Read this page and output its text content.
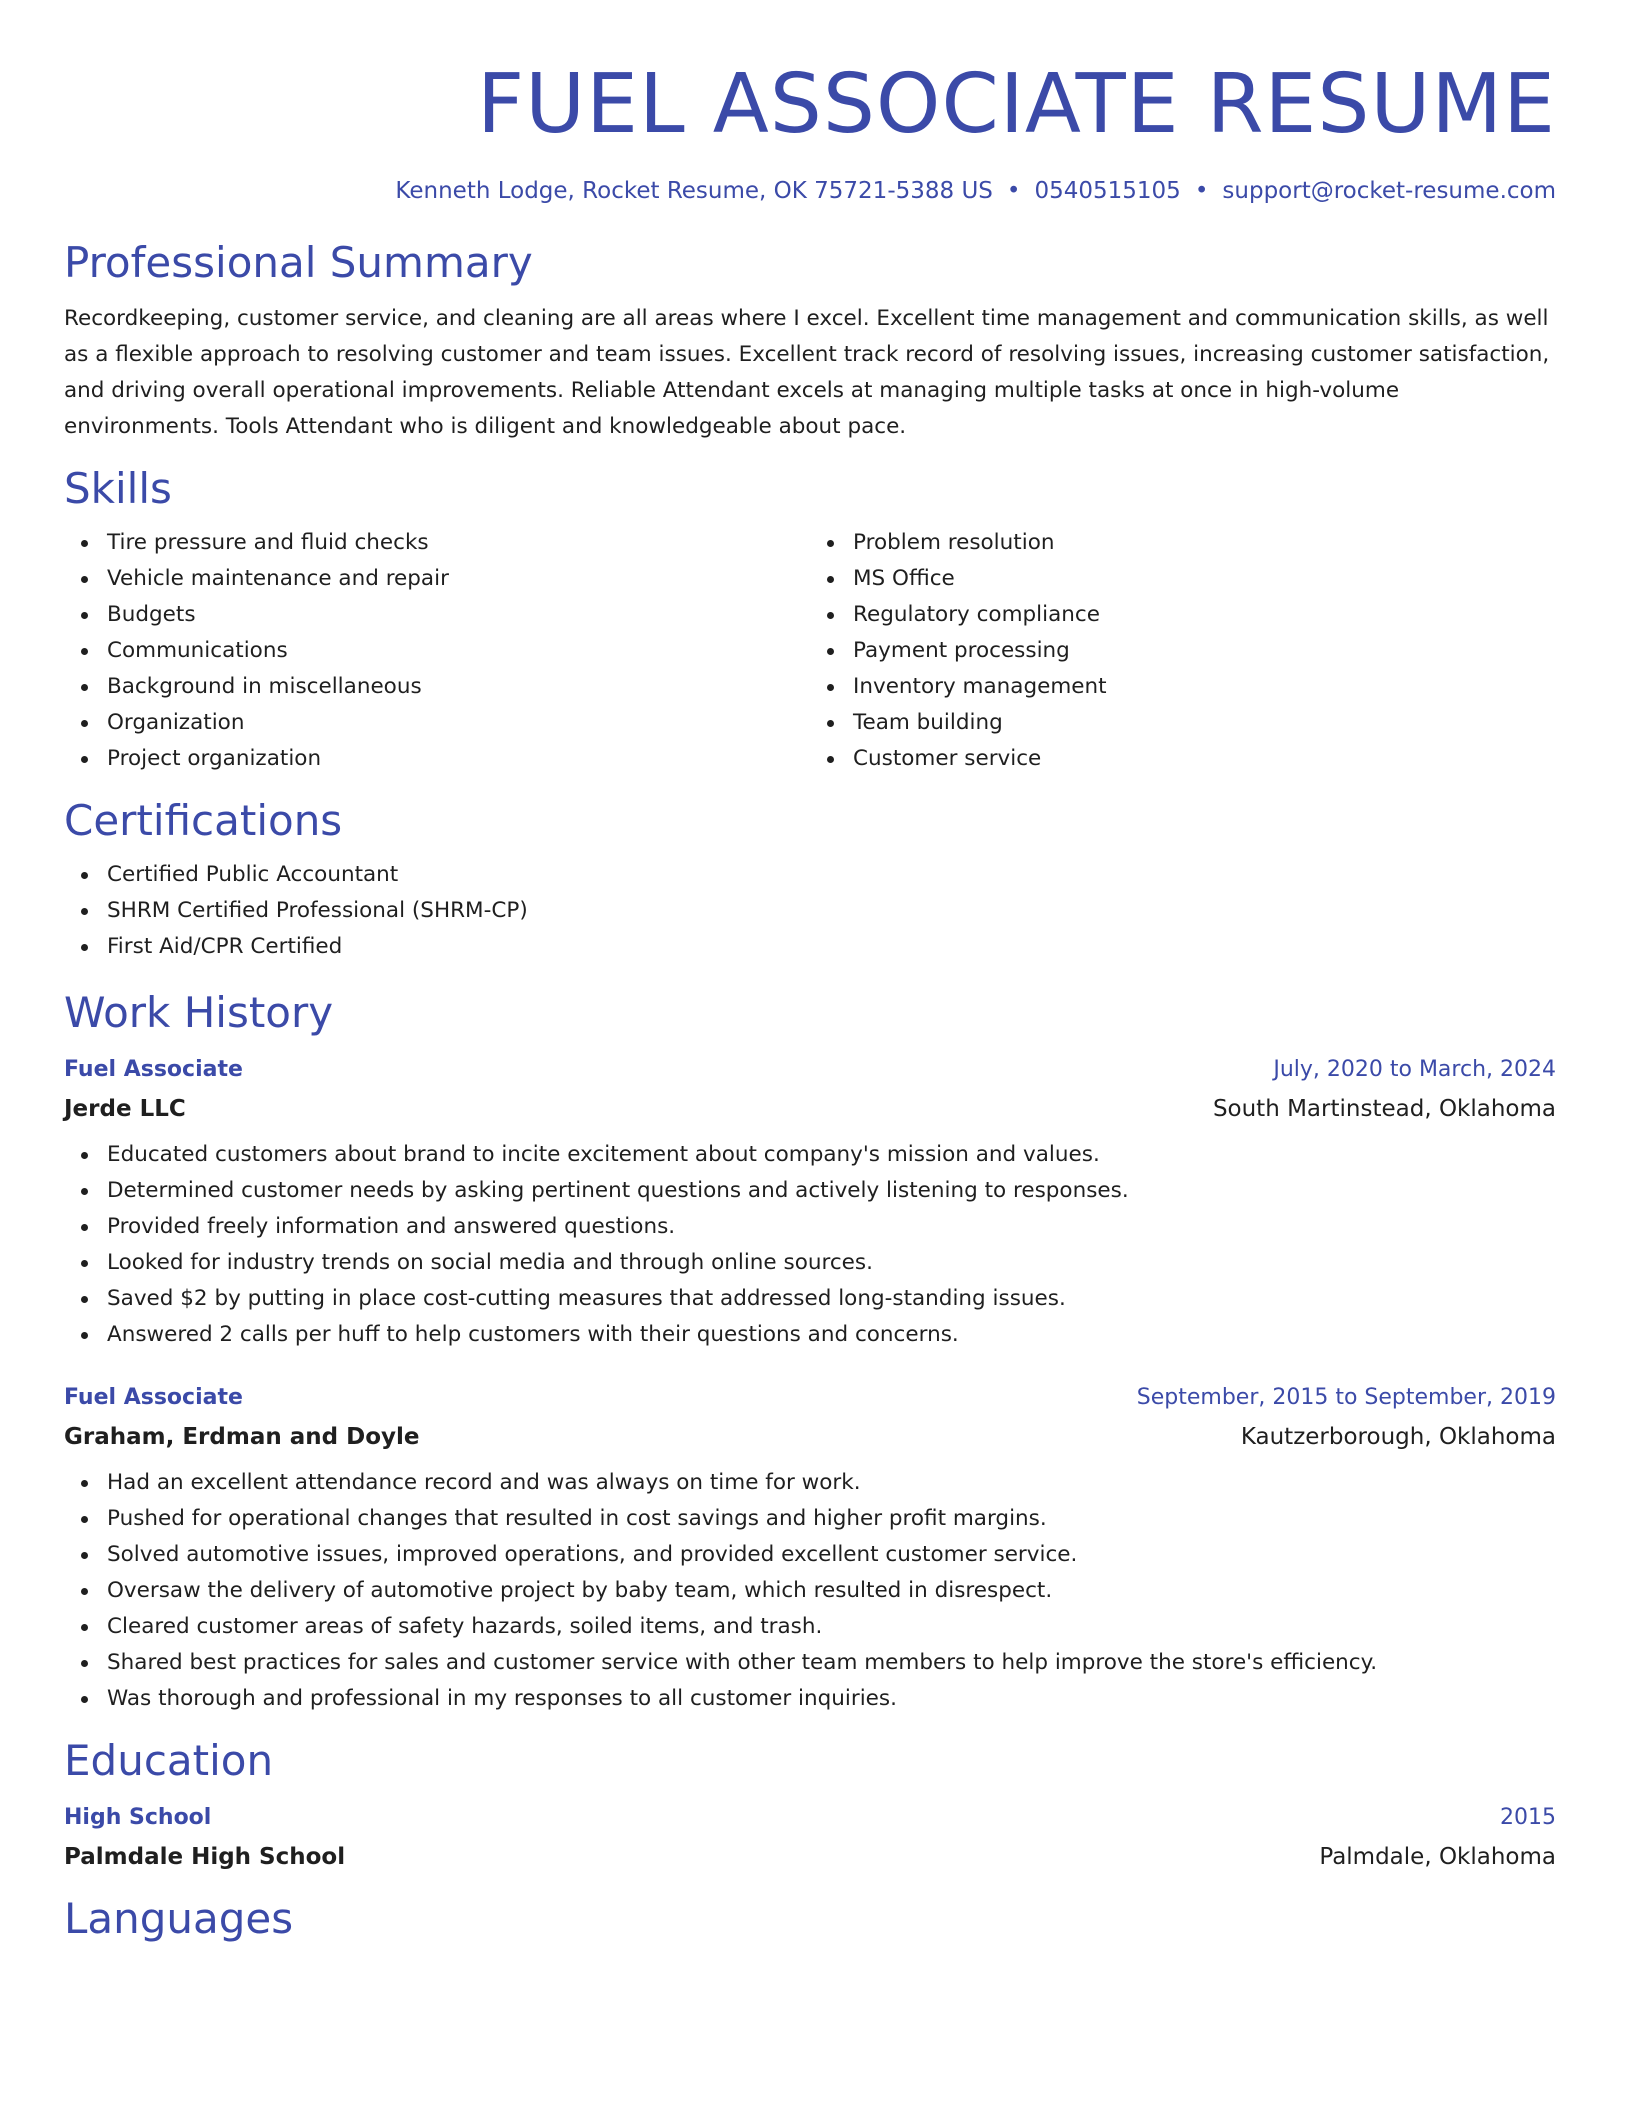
FUEL ASSOCIATE RESUME
Kenneth Lodge, Rocket Resume, OK 75721-5388 US • 0540515105 • support@rocket-resume.com
Professional Summary

Recordkeeping, customer service, and cleaning are all areas where I excel. Excellent time management and communication skills, as well as a flexible approach to resolving customer and team issues. Excellent track record of resolving issues, increasing customer satisfaction, and driving overall operational improvements. Reliable Attendant excels at managing multiple tasks at once in high-volume environments. Tools Attendant who is diligent and knowledgeable about pace.

Skills
Tire pressure and fluid checks
Vehicle maintenance and repair
Budgets
Communications
Background in miscellaneous
Organization
Project organization
Problem resolution
MS Office
Regulatory compliance
Payment processing
Inventory management
Team building
Customer service
Certifications
Certified Public Accountant
SHRM Certified Professional (SHRM-CP)
First Aid/CPR Certified
Work History
Fuel Associate	July, 2020 to March, 2024
Jerde LLC	South Martinstead, Oklahoma
Educated customers about brand to incite excitement about company's mission and values.
Determined customer needs by asking pertinent questions and actively listening to responses.
Provided freely information and answered questions.
Looked for industry trends on social media and through online sources.
Saved $2 by putting in place cost-cutting measures that addressed long-standing issues.
Answered 2 calls per huff to help customers with their questions and concerns.
Fuel Associate	September, 2015 to September, 2019
Graham, Erdman and Doyle	Kautzerborough, Oklahoma
Had an excellent attendance record and was always on time for work.
Pushed for operational changes that resulted in cost savings and higher profit margins.
Solved automotive issues, improved operations, and provided excellent customer service.
Oversaw the delivery of automotive project by baby team, which resulted in disrespect.
Cleared customer areas of safety hazards, soiled items, and trash.
Shared best practices for sales and customer service with other team members to help improve the store's efficiency.
Was thorough and professional in my responses to all customer inquiries.
Education
High School	2015
Palmdale High School	Palmdale, Oklahoma
Languages
